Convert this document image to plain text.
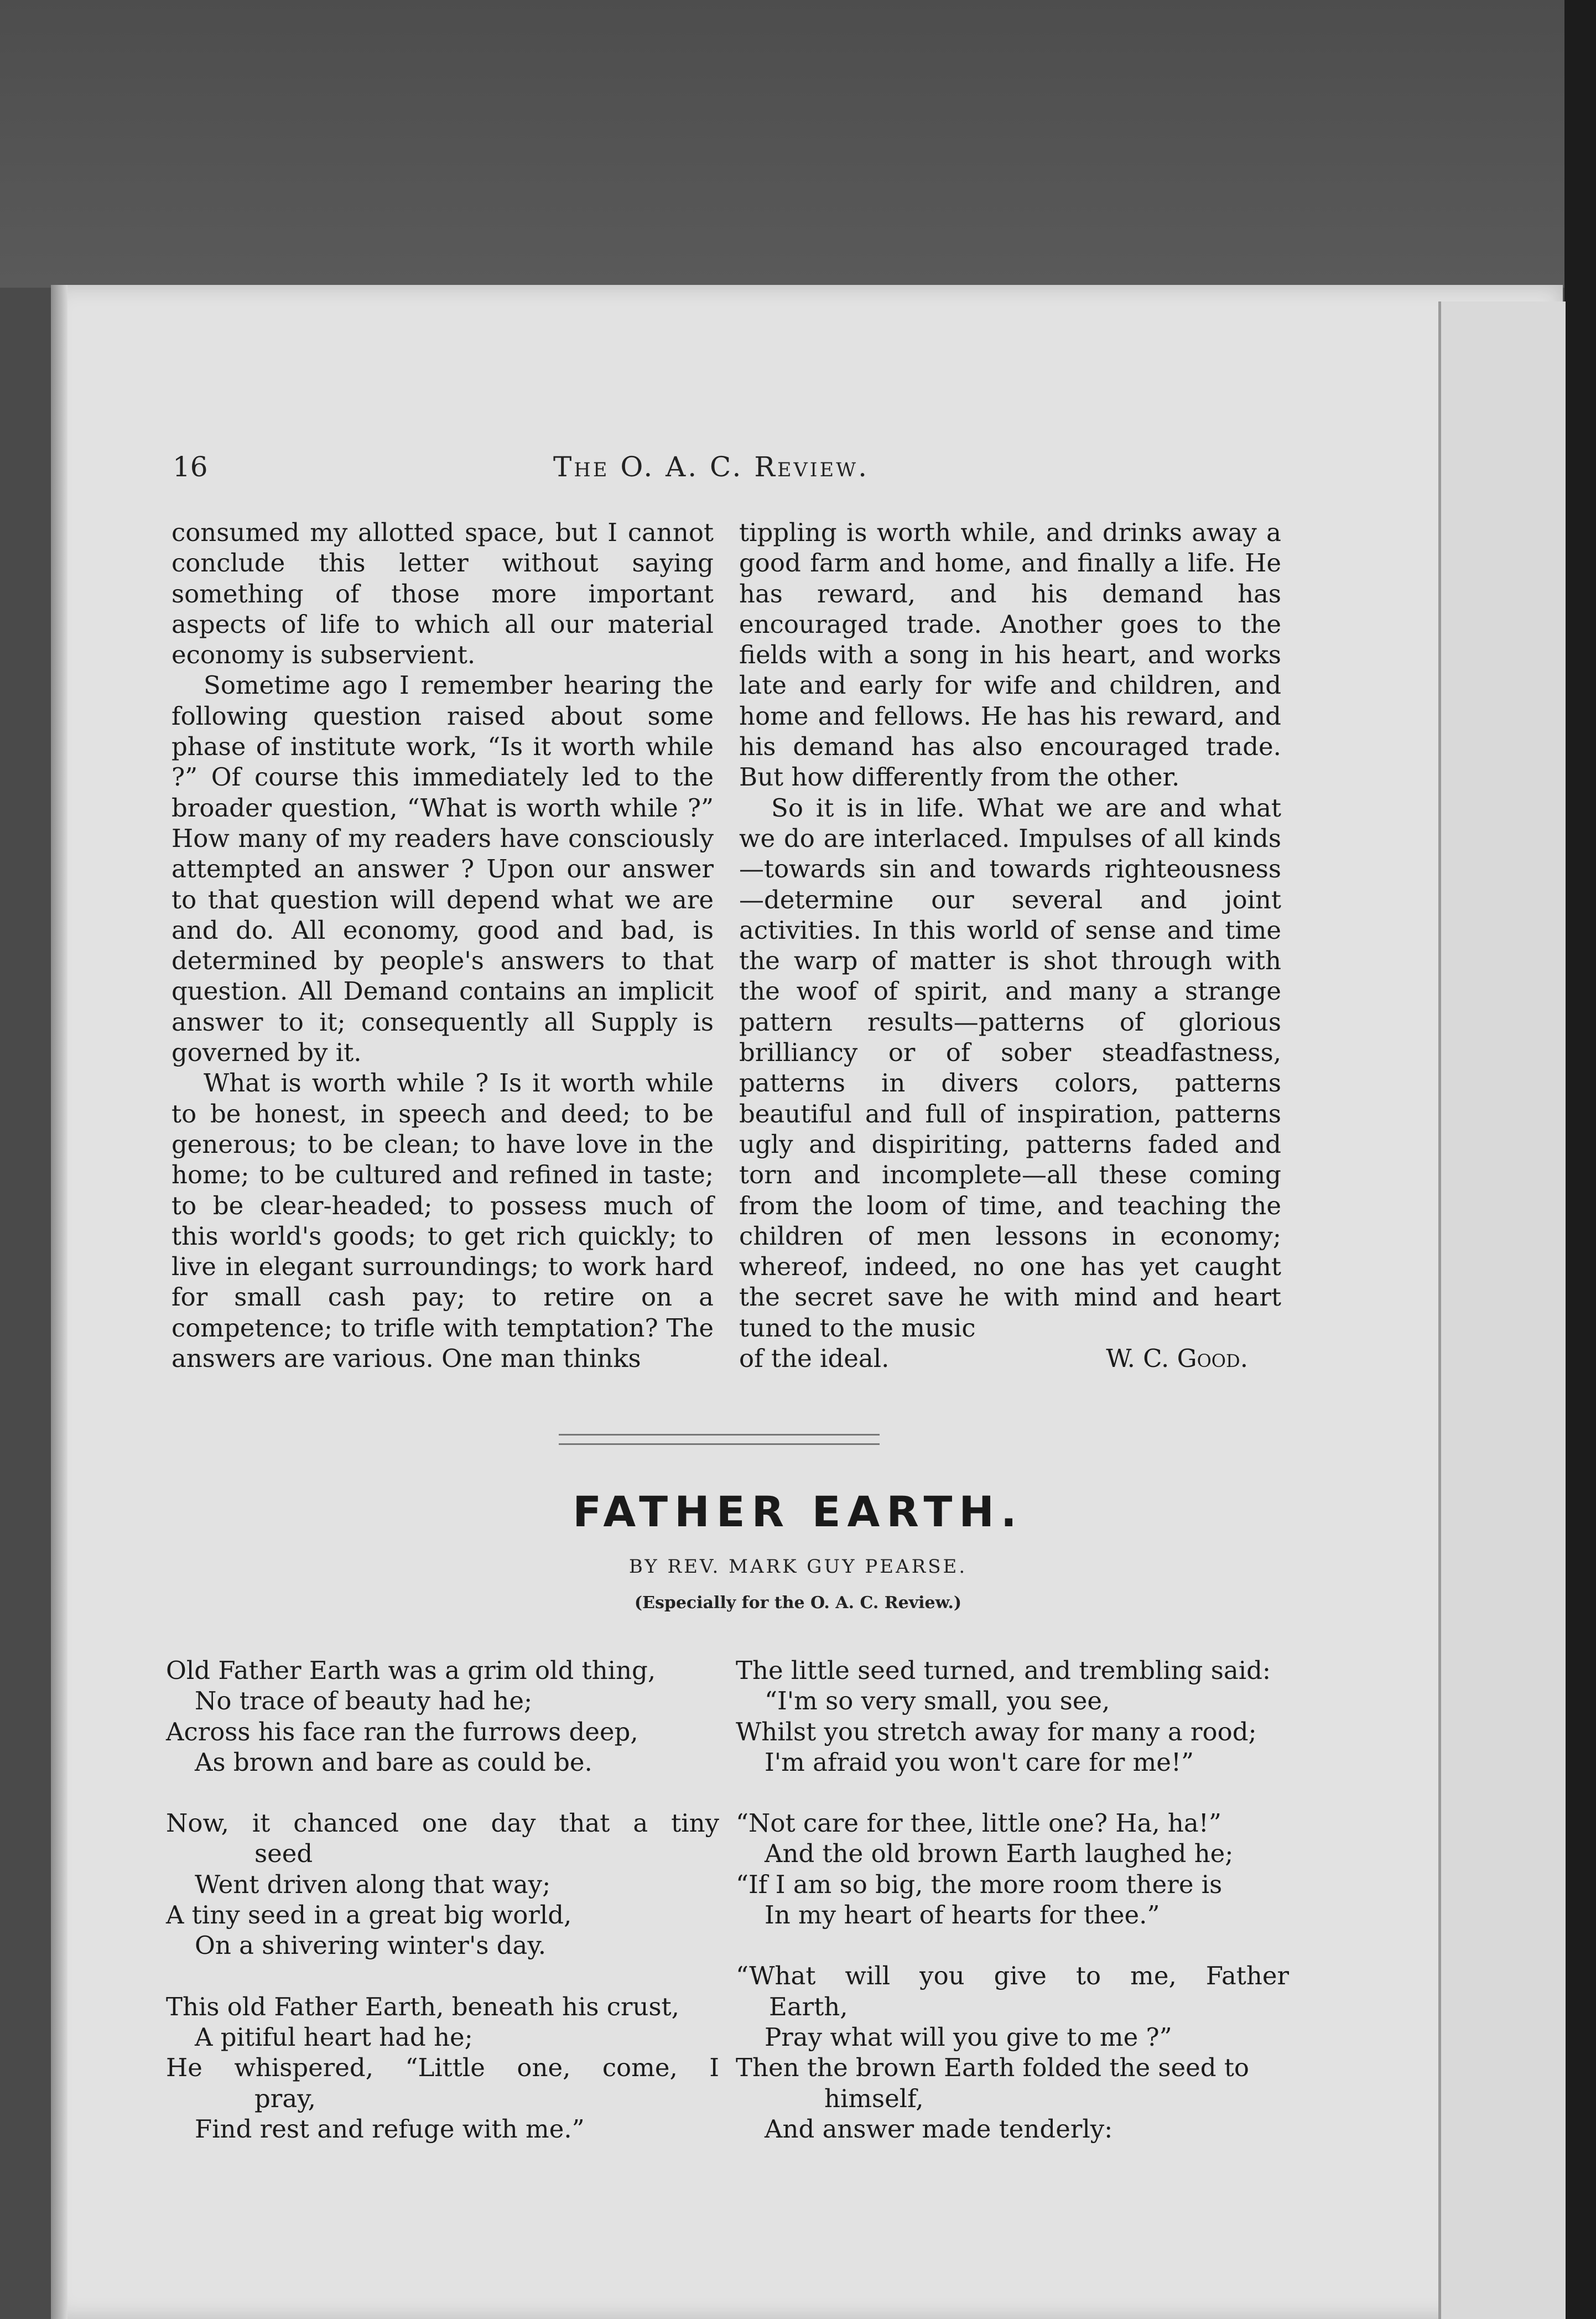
16	The O. A. C. Review.

consumed my allotted space, but I cannot conclude this letter without saying something of those more important aspects of life to which all our material economy is subservient.

Sometime ago I remember hearing the following question raised about some phase of institute work, “Is it worth while ?” Of course this immediately led to the broader question, “What is worth while ?” How many of my readers have consciously attempted an answer ? Upon our answer to that question will depend what we are and do. All economy, good and bad, is determined by people's answers to that question. All Demand contains an implicit answer to it; consequently all Supply is governed by it.

What is worth while ? Is it worth while to be honest, in speech and deed; to be generous; to be clean; to have love in the home; to be cultured and refined in taste; to be clear-headed; to possess much of this world's goods; to get rich quickly; to live in elegant surroundings; to work hard for small cash pay; to retire on a competence; to trifle with temptation? The answers are various. One man thinks

tippling is worth while, and drinks away a good farm and home, and finally a life. He has reward, and his demand has encouraged trade. Another goes to the fields with a song in his heart, and works late and early for wife and children, and home and fellows. He has his reward, and his demand has also encouraged trade. But how differently from the other.

So it is in life. What we are and what we do are interlaced. Impulses of all kinds—towards sin and towards righteousness—determine our several and joint activities. In this world of sense and time the warp of matter is shot through with the woof of spirit, and many a strange pattern results—patterns of glorious brilliancy or of sober steadfastness, patterns in divers colors, patterns beautiful and full of inspiration, patterns ugly and dispiriting, patterns faded and torn and incomplete—all these coming from the loom of time, and teaching the children of men lessons in economy; whereof, indeed, no one has yet caught the secret save he with mind and heart tuned to the music

of the ideal.	W. C. Good.
FATHER EARTH.
BY REV. MARK GUY PEARSE.
(Especially for the O. A. C. Review.)
Old Father Earth was a grim old thing,
No trace of beauty had he;
Across his face ran the furrows deep,
As brown and bare as could be.
Now, it chanced one day that a tiny
seed
Went driven along that way;
A tiny seed in a great big world,
On a shivering winter's day.
This old Father Earth, beneath his crust,
A pitiful heart had he;
He whispered, “Little one, come, I
pray,
Find rest and refuge with me.”
The little seed turned, and trembling said:
“I'm so very small, you see,
Whilst you stretch away for many a rood;
I'm afraid you won't care for me!”
“Not care for thee, little one? Ha, ha!”
And the old brown Earth laughed he;
“If I am so big, the more room there is
In my heart of hearts for thee.”
“What will you give to me, Father
Earth,
Pray what will you give to me ?”
Then the brown Earth folded the seed to
himself,
And answer made tenderly:
